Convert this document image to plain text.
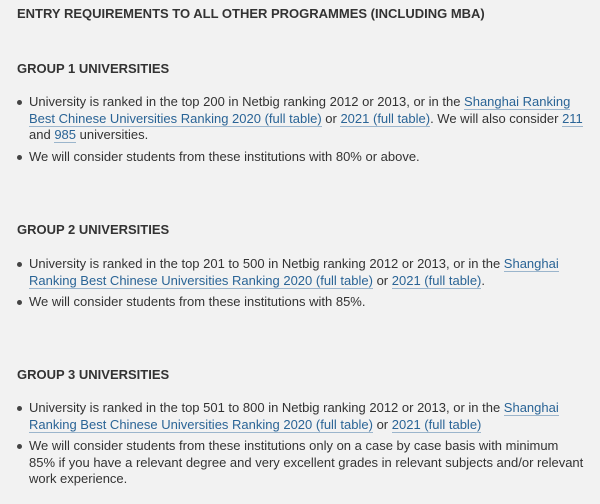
ENTRY REQUIREMENTS TO ALL OTHER PROGRAMMES (INCLUDING MBA)
GROUP 1 UNIVERSITIES
University is ranked in the top 200 in Netbig ranking 2012 or 2013, or in the Shanghai Ranking Best Chinese Universities Ranking 2020 (full table) or 2021 (full table). We will also consider 211 and 985 universities.
We will consider students from these institutions with 80% or above.
GROUP 2 UNIVERSITIES
University is ranked in the top 201 to 500 in Netbig ranking 2012 or 2013, or in the Shanghai Ranking Best Chinese Universities Ranking 2020 (full table) or 2021 (full table).
We will consider students from these institutions with 85%.
GROUP 3 UNIVERSITIES
University is ranked in the top 501 to 800 in Netbig ranking 2012 or 2013, or in the Shanghai Ranking Best Chinese Universities Ranking 2020 (full table) or 2021 (full table)
We will consider students from these institutions only on a case by case basis with minimum 85% if you have a relevant degree and very excellent grades in relevant subjects and/or relevant work experience.
